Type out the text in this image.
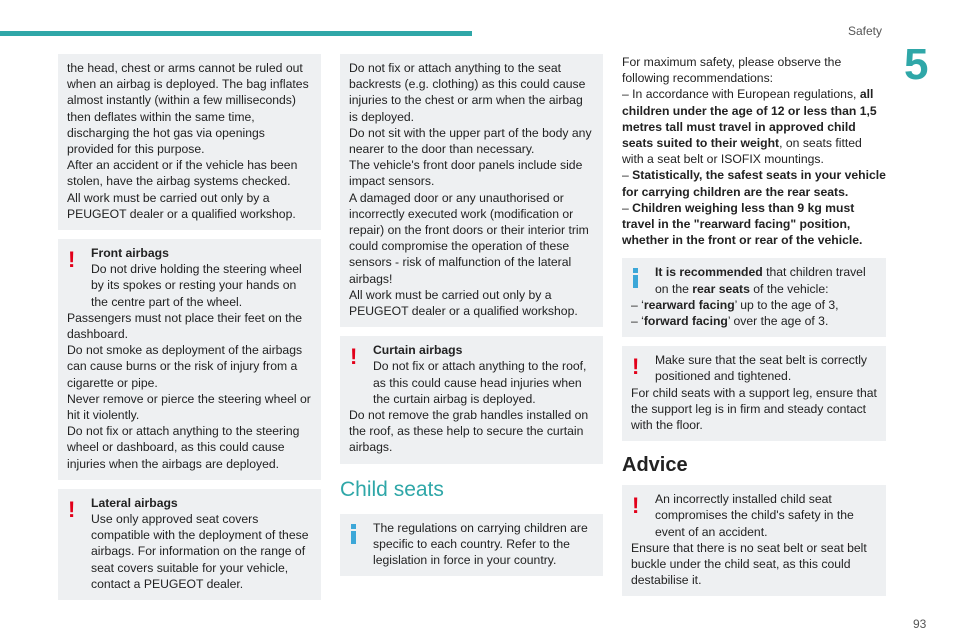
Safety
5
93

the head, chest or arms cannot be ruled out when an airbag is deployed. The bag inflates almost instantly (within a few milliseconds) then deflates within the same time, discharging the hot gas via openings provided for this purpose.

After an accident or if the vehicle has been stolen, have the airbag systems checked.

All work must be carried out only by a PEUGEOT dealer or a qualified workshop.

!	Front airbags

Do not drive holding the steering wheel by its spokes or resting your hands on the centre part of the wheel.

Passengers must not place their feet on the dashboard.

Do not smoke as deployment of the airbags can cause burns or the risk of injury from a cigarette or pipe.

Never remove or pierce the steering wheel or hit it violently.

Do not fix or attach anything to the steering wheel or dashboard, as this could cause injuries when the airbags are deployed.

!	Lateral airbags

Use only approved seat covers compatible with the deployment of these airbags. For information on the range of seat covers suitable for your vehicle, contact a PEUGEOT dealer.

Do not fix or attach anything to the seat backrests (e.g. clothing) as this could cause injuries to the chest or arm when the airbag is deployed.

Do not sit with the upper part of the body any nearer to the door than necessary.

The vehicle's front door panels include side impact sensors.

A damaged door or any unauthorised or incorrectly executed work (modification or repair) on the front doors or their interior trim could compromise the operation of these sensors - risk of malfunction of the lateral airbags!

All work must be carried out only by a PEUGEOT dealer or a qualified workshop.

!	Curtain airbags

Do not fix or attach anything to the roof, as this could cause head injuries when the curtain airbag is deployed.

Do not remove the grab handles installed on the roof, as these help to secure the curtain airbags.

Child seats

The regulations on carrying children are specific to each country. Refer to the legislation in force in your country.

For maximum safety, please observe the following recommendations:

– In accordance with European regulations, all children under the age of 12 or less than 1,5 metres tall must travel in approved child seats suited to their weight, on seats fitted with a seat belt or ISOFIX mountings.

– Statistically, the safest seats in your vehicle for carrying children are the rear seats.

– Children weighing less than 9 kg must travel in the "rearward facing" position, whether in the front or rear of the vehicle.

It is recommended that children travel on the rear seats of the vehicle:

– ‘rearward facing’ up to the age of 3,

– ‘forward facing’ over the age of 3.

!	Make sure that the seat belt is correctly positioned and tightened.

For child seats with a support leg, ensure that the support leg is in firm and steady contact with the floor.

Advice
!	An incorrectly installed child seat compromises the child's safety in the event of an accident.

Ensure that there is no seat belt or seat belt buckle under the child seat, as this could destabilise it.
